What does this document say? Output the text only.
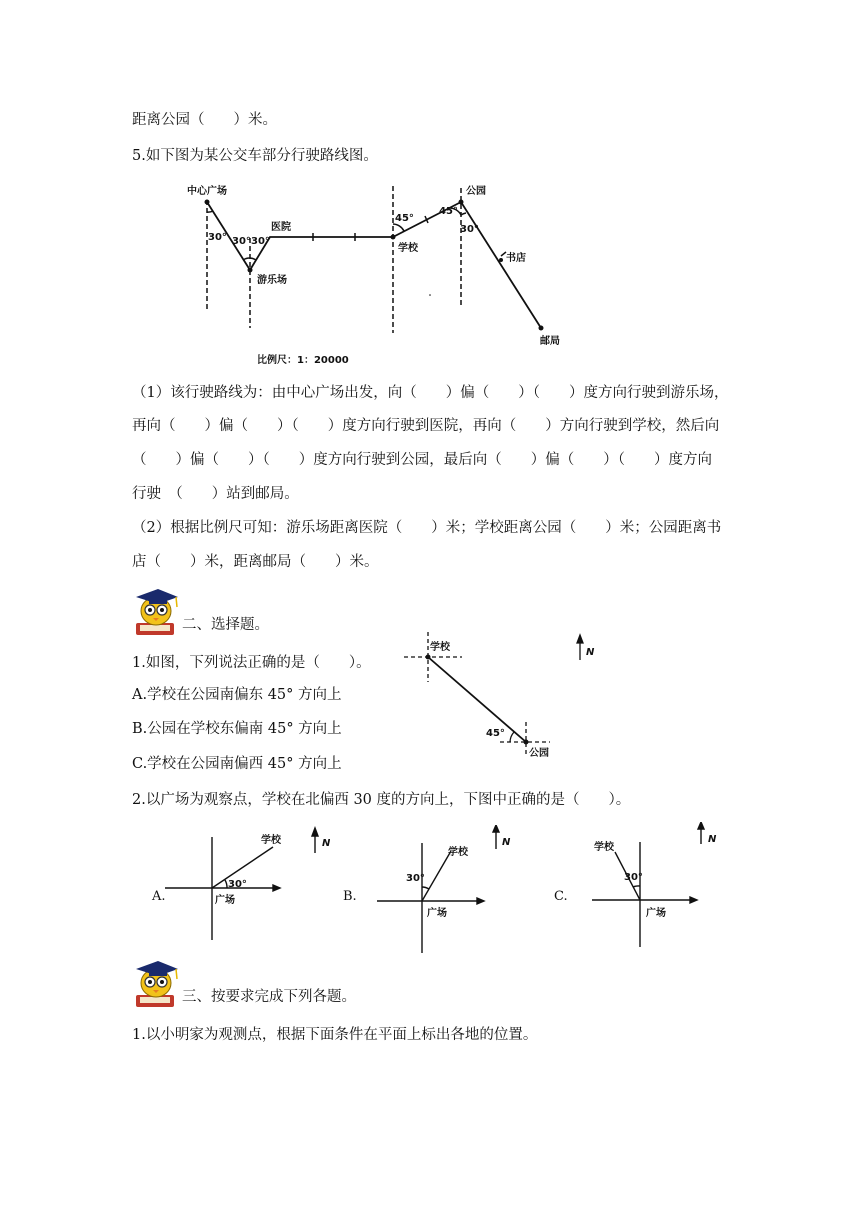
距离公园（　　）米。
5.如下图为某公交车部分行驶路线图。
中心广场
游乐场
医院
学校
公园
书店
邮局
30° 30° 30°
45°
45°
30°
比例尺：1：20000
（1）该行驶路线为：由中心广场出发，向（　　）偏（　　）（　　）度方向行驶到游乐场，
再向（　　）偏（　　）（　　）度方向行驶到医院，再向（　　）方向行驶到学校，然后向
（　　）偏（　　）（　　）度方向行驶到公园，最后向（　　）偏（　　）（　　）度方向
行驶　（　　）站到邮局。
（2）根据比例尺可知：游乐场距离医院（　　）米；学校距离公园（　　）米；公园距离书
店（　　）米，距离邮局（　　）米。
二、选择题。
1.如图，下列说法正确的是（　　）。
A.学校在公园南偏东 45° 方向上
B.公园在学校东偏南 45° 方向上
C.学校在公园南偏西 45° 方向上
学校
公园
45°
N
2.以广场为观察点，学校在北偏西 30 度的方向上，下图中正确的是（　　）。
A.
学校
广场
30°
N
B.
学校
广场
30°
N
C.
学校
广场
30°
N
三、按要求完成下列各题。
1.以小明家为观测点，根据下面条件在平面上标出各地的位置。
